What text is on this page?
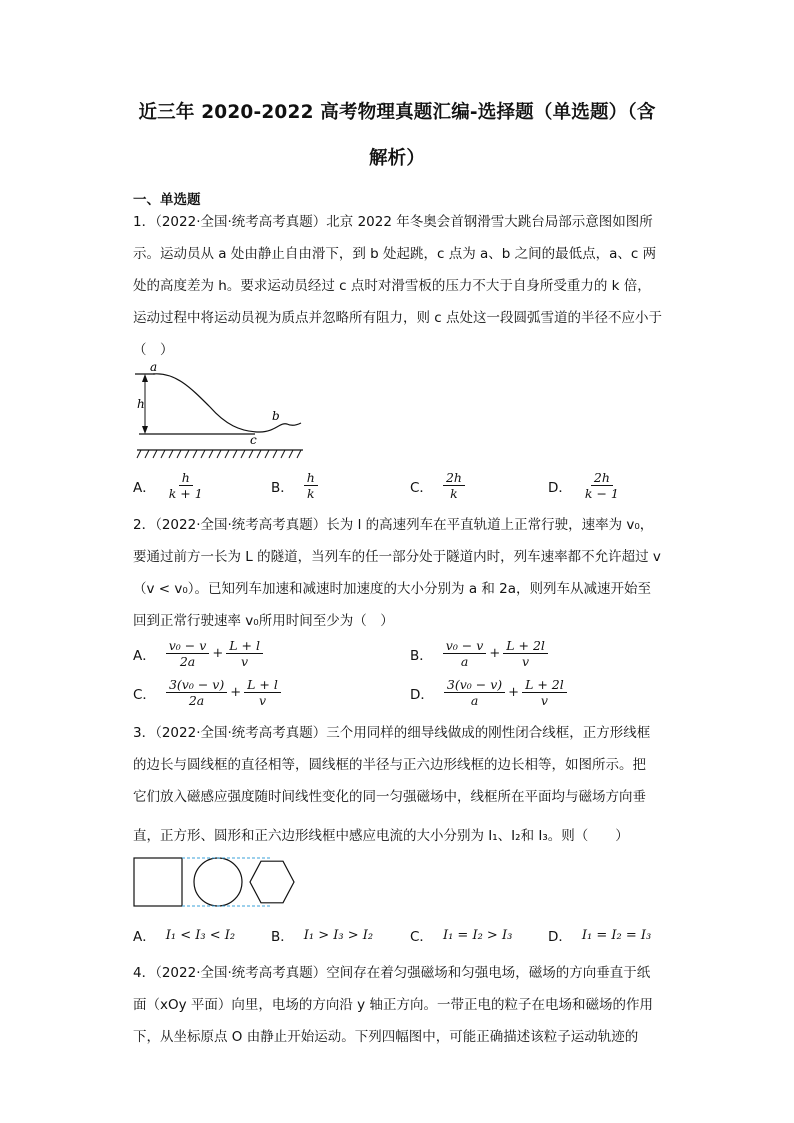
近三年 2020-2022 高考物理真题汇编-选择题（单选题）（含
解析）
一、单选题
1．（2022·全国·统考高考真题）北京 2022 年冬奥会首钢滑雪大跳台局部示意图如图所示。运动员从 a 处由静止自由滑下，到 b 处起跳，c 点为 a、b 之间的最低点，a、c 两处的高度差为 h。要求运动员经过 c 点时对滑雪板的压力不大于自身所受重力的 k 倍，运动过程中将运动员视为质点并忽略所有阻力，则 c 点处这一段圆弧雪道的半径不应小于（　）
a
h
b
c
A． $\frac{h}{k + 1}$	B． $\frac{h}{k}$	C． $\frac{2h}{k}$	D． $\frac{2h}{k - 1}$
2．（2022·全国·统考高考真题）长为 l 的高速列车在平直轨道上正常行驶，速率为 v₀，要通过前方一长为 L 的隧道，当列车的任一部分处于隧道内时，列车速率都不允许超过 v（v < v₀）。已知列车加速和减速时加速度的大小分别为 a 和 2a，则列车从减速开始至回到正常行驶速率 v₀所用时间至少为（　）
A． $\frac{\text{v₀ − v}}{2a} + \frac{L + l}{v}$	B． $\frac{\text{v₀ − v}}{a} + \frac{L + 2l}{v}$
C． $\frac{\text{3(v₀ − v)}}{2a} + \frac{L + l}{v}$	D． $\frac{\text{3(v₀ − v)}}{a} + \frac{L + 2l}{v}$
3．（2022·全国·统考高考真题）三个用同样的细导线做成的刚性闭合线框，正方形线框
的边长与圆线框的直径相等，圆线框的半径与正六边形线框的边长相等，如图所示。把
它们放入磁感应强度随时间线性变化的同一匀强磁场中，线框所在平面均与磁场方向垂
直，正方形、圆形和正六边形线框中感应电流的大小分别为 I₁、I₂和 I₃。则（　　）
A． I₁ < I₃ < I₂	B． I₁ > I₃ > I₂	C． I₁ = I₂ > I₃	D． I₁ = I₂ = I₃
4．（2022·全国·统考高考真题）空间存在着匀强磁场和匀强电场，磁场的方向垂直于纸面（xOy 平面）向里，电场的方向沿 y 轴正方向。一带正电的粒子在电场和磁场的作用下，从坐标原点 O 由静止开始运动。下列四幅图中，可能正确描述该粒子运动轨迹的
